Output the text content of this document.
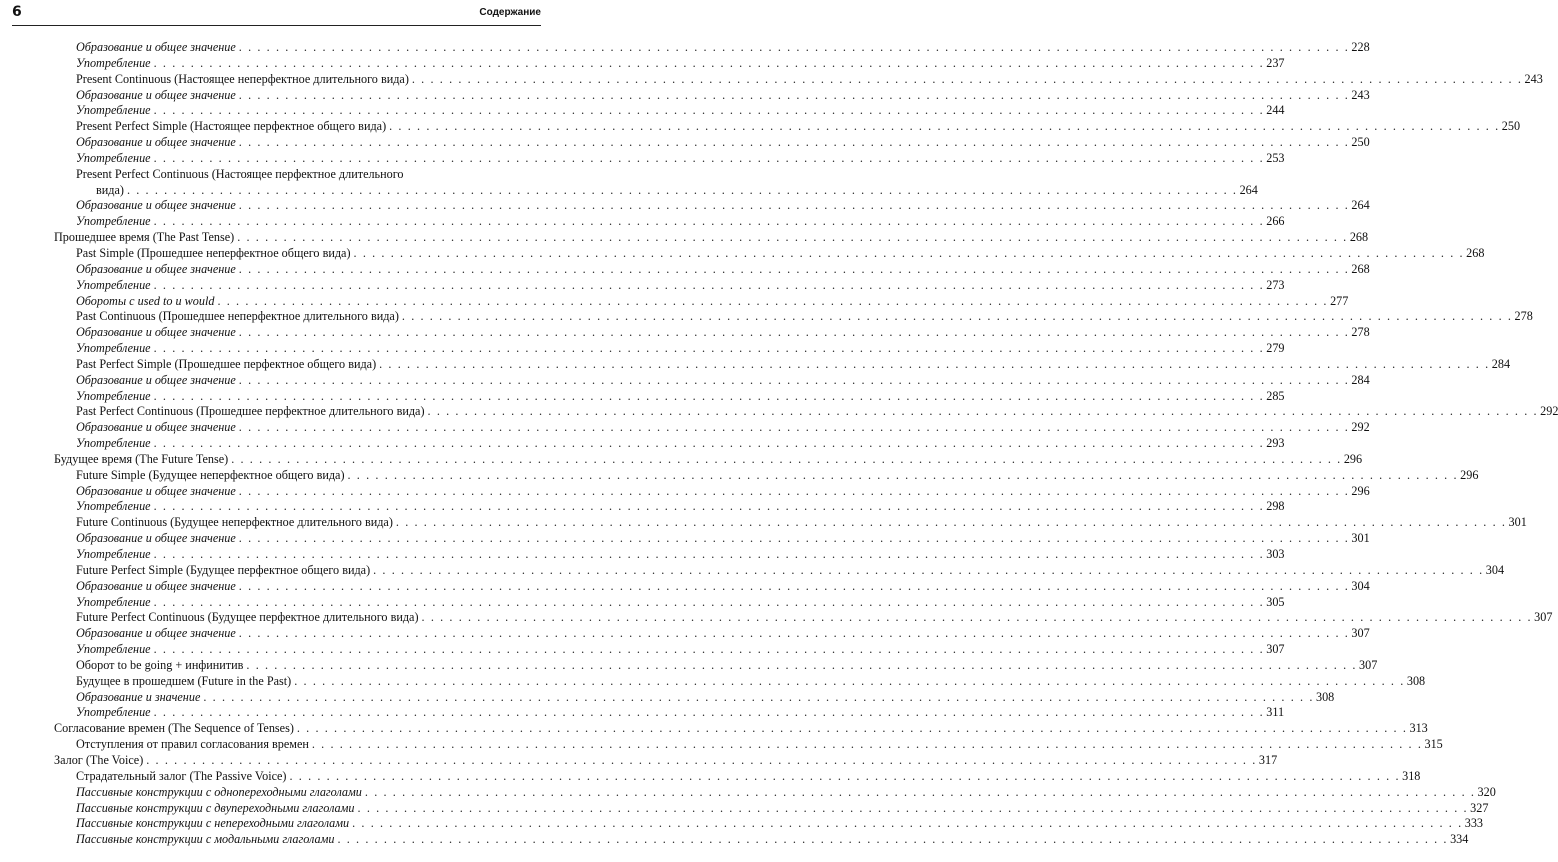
6	Содержание
Образование и общее значение . . . . . . . . . . . . . . . . . . . . . . . . . . . . . . . . . . . . . . . . . . . . . . . . . . . . . . . . . . . . . . . . . . . . . . . . . . . . . . . . . . . . . . . . . . . . . . . . . . . . . . . . . . . . . . . . . . . . . . . . 228
Употребление . . . . . . . . . . . . . . . . . . . . . . . . . . . . . . . . . . . . . . . . . . . . . . . . . . . . . . . . . . . . . . . . . . . . . . . . . . . . . . . . . . . . . . . . . . . . . . . . . . . . . . . . . . . . . . . . . . . . . . . . 237
Present Continuous (Настоящее неперфектное длительного вида) . . . . . . . . . . . . . . . . . . . . . . . . . . . . . . . . . . . . . . . . . . . . . . . . . . . . . . . . . . . . . . . . . . . . . . . . . . . . . . . . . . . . . . . . . . . . . . . . . . . . . . . . . . . . . . . . . . . . . . . . 243
Образование и общее значение . . . . . . . . . . . . . . . . . . . . . . . . . . . . . . . . . . . . . . . . . . . . . . . . . . . . . . . . . . . . . . . . . . . . . . . . . . . . . . . . . . . . . . . . . . . . . . . . . . . . . . . . . . . . . . . . . . . . . . . . 243
Употребление . . . . . . . . . . . . . . . . . . . . . . . . . . . . . . . . . . . . . . . . . . . . . . . . . . . . . . . . . . . . . . . . . . . . . . . . . . . . . . . . . . . . . . . . . . . . . . . . . . . . . . . . . . . . . . . . . . . . . . . . 244
Present Perfect Simple (Настоящее перфектное общего вида) . . . . . . . . . . . . . . . . . . . . . . . . . . . . . . . . . . . . . . . . . . . . . . . . . . . . . . . . . . . . . . . . . . . . . . . . . . . . . . . . . . . . . . . . . . . . . . . . . . . . . . . . . . . . . . . . . . . . . . . . 250
Образование и общее значение . . . . . . . . . . . . . . . . . . . . . . . . . . . . . . . . . . . . . . . . . . . . . . . . . . . . . . . . . . . . . . . . . . . . . . . . . . . . . . . . . . . . . . . . . . . . . . . . . . . . . . . . . . . . . . . . . . . . . . . . 250
Употребление . . . . . . . . . . . . . . . . . . . . . . . . . . . . . . . . . . . . . . . . . . . . . . . . . . . . . . . . . . . . . . . . . . . . . . . . . . . . . . . . . . . . . . . . . . . . . . . . . . . . . . . . . . . . . . . . . . . . . . . . 253
Present Perfect Continuous (Настоящее перфектное длительного
вида) . . . . . . . . . . . . . . . . . . . . . . . . . . . . . . . . . . . . . . . . . . . . . . . . . . . . . . . . . . . . . . . . . . . . . . . . . . . . . . . . . . . . . . . . . . . . . . . . . . . . . . . . . . . . . . . . . . . . . . . . 264
Образование и общее значение . . . . . . . . . . . . . . . . . . . . . . . . . . . . . . . . . . . . . . . . . . . . . . . . . . . . . . . . . . . . . . . . . . . . . . . . . . . . . . . . . . . . . . . . . . . . . . . . . . . . . . . . . . . . . . . . . . . . . . . . 264
Употребление . . . . . . . . . . . . . . . . . . . . . . . . . . . . . . . . . . . . . . . . . . . . . . . . . . . . . . . . . . . . . . . . . . . . . . . . . . . . . . . . . . . . . . . . . . . . . . . . . . . . . . . . . . . . . . . . . . . . . . . . 266
Прошедшее время (The Past Tense) . . . . . . . . . . . . . . . . . . . . . . . . . . . . . . . . . . . . . . . . . . . . . . . . . . . . . . . . . . . . . . . . . . . . . . . . . . . . . . . . . . . . . . . . . . . . . . . . . . . . . . . . . . . . . . . . . . . . . . . . 268
Past Simple (Прошедшее неперфектное общего вида) . . . . . . . . . . . . . . . . . . . . . . . . . . . . . . . . . . . . . . . . . . . . . . . . . . . . . . . . . . . . . . . . . . . . . . . . . . . . . . . . . . . . . . . . . . . . . . . . . . . . . . . . . . . . . . . . . . . . . . . . 268
Образование и общее значение . . . . . . . . . . . . . . . . . . . . . . . . . . . . . . . . . . . . . . . . . . . . . . . . . . . . . . . . . . . . . . . . . . . . . . . . . . . . . . . . . . . . . . . . . . . . . . . . . . . . . . . . . . . . . . . . . . . . . . . . 268
Употребление . . . . . . . . . . . . . . . . . . . . . . . . . . . . . . . . . . . . . . . . . . . . . . . . . . . . . . . . . . . . . . . . . . . . . . . . . . . . . . . . . . . . . . . . . . . . . . . . . . . . . . . . . . . . . . . . . . . . . . . . 273
Обороты с used to и would . . . . . . . . . . . . . . . . . . . . . . . . . . . . . . . . . . . . . . . . . . . . . . . . . . . . . . . . . . . . . . . . . . . . . . . . . . . . . . . . . . . . . . . . . . . . . . . . . . . . . . . . . . . . . . . . . . . . . . . . 277
Past Continuous (Прошедшее неперфектное длительного вида) . . . . . . . . . . . . . . . . . . . . . . . . . . . . . . . . . . . . . . . . . . . . . . . . . . . . . . . . . . . . . . . . . . . . . . . . . . . . . . . . . . . . . . . . . . . . . . . . . . . . . . . . . . . . . . . . . . . . . . . . 278
Образование и общее значение . . . . . . . . . . . . . . . . . . . . . . . . . . . . . . . . . . . . . . . . . . . . . . . . . . . . . . . . . . . . . . . . . . . . . . . . . . . . . . . . . . . . . . . . . . . . . . . . . . . . . . . . . . . . . . . . . . . . . . . . 278
Употребление . . . . . . . . . . . . . . . . . . . . . . . . . . . . . . . . . . . . . . . . . . . . . . . . . . . . . . . . . . . . . . . . . . . . . . . . . . . . . . . . . . . . . . . . . . . . . . . . . . . . . . . . . . . . . . . . . . . . . . . . 279
Past Perfect Simple (Прошедшее перфектное общего вида) . . . . . . . . . . . . . . . . . . . . . . . . . . . . . . . . . . . . . . . . . . . . . . . . . . . . . . . . . . . . . . . . . . . . . . . . . . . . . . . . . . . . . . . . . . . . . . . . . . . . . . . . . . . . . . . . . . . . . . . . 284
Образование и общее значение . . . . . . . . . . . . . . . . . . . . . . . . . . . . . . . . . . . . . . . . . . . . . . . . . . . . . . . . . . . . . . . . . . . . . . . . . . . . . . . . . . . . . . . . . . . . . . . . . . . . . . . . . . . . . . . . . . . . . . . . 284
Употребление . . . . . . . . . . . . . . . . . . . . . . . . . . . . . . . . . . . . . . . . . . . . . . . . . . . . . . . . . . . . . . . . . . . . . . . . . . . . . . . . . . . . . . . . . . . . . . . . . . . . . . . . . . . . . . . . . . . . . . . . 285
Past Perfect Continuous (Прошедшее перфектное длительного вида) . . . . . . . . . . . . . . . . . . . . . . . . . . . . . . . . . . . . . . . . . . . . . . . . . . . . . . . . . . . . . . . . . . . . . . . . . . . . . . . . . . . . . . . . . . . . . . . . . . . . . . . . . . . . . . . . . . . . . . . . 292
Образование и общее значение . . . . . . . . . . . . . . . . . . . . . . . . . . . . . . . . . . . . . . . . . . . . . . . . . . . . . . . . . . . . . . . . . . . . . . . . . . . . . . . . . . . . . . . . . . . . . . . . . . . . . . . . . . . . . . . . . . . . . . . . 292
Употребление . . . . . . . . . . . . . . . . . . . . . . . . . . . . . . . . . . . . . . . . . . . . . . . . . . . . . . . . . . . . . . . . . . . . . . . . . . . . . . . . . . . . . . . . . . . . . . . . . . . . . . . . . . . . . . . . . . . . . . . . 293
Будущее время (The Future Tense) . . . . . . . . . . . . . . . . . . . . . . . . . . . . . . . . . . . . . . . . . . . . . . . . . . . . . . . . . . . . . . . . . . . . . . . . . . . . . . . . . . . . . . . . . . . . . . . . . . . . . . . . . . . . . . . . . . . . . . . . 296
Future Simple (Будущее неперфектное общего вида) . . . . . . . . . . . . . . . . . . . . . . . . . . . . . . . . . . . . . . . . . . . . . . . . . . . . . . . . . . . . . . . . . . . . . . . . . . . . . . . . . . . . . . . . . . . . . . . . . . . . . . . . . . . . . . . . . . . . . . . . 296
Образование и общее значение . . . . . . . . . . . . . . . . . . . . . . . . . . . . . . . . . . . . . . . . . . . . . . . . . . . . . . . . . . . . . . . . . . . . . . . . . . . . . . . . . . . . . . . . . . . . . . . . . . . . . . . . . . . . . . . . . . . . . . . . 296
Употребление . . . . . . . . . . . . . . . . . . . . . . . . . . . . . . . . . . . . . . . . . . . . . . . . . . . . . . . . . . . . . . . . . . . . . . . . . . . . . . . . . . . . . . . . . . . . . . . . . . . . . . . . . . . . . . . . . . . . . . . . 298
Future Continuous (Будущее неперфектное длительного вида) . . . . . . . . . . . . . . . . . . . . . . . . . . . . . . . . . . . . . . . . . . . . . . . . . . . . . . . . . . . . . . . . . . . . . . . . . . . . . . . . . . . . . . . . . . . . . . . . . . . . . . . . . . . . . . . . . . . . . . . . 301
Образование и общее значение . . . . . . . . . . . . . . . . . . . . . . . . . . . . . . . . . . . . . . . . . . . . . . . . . . . . . . . . . . . . . . . . . . . . . . . . . . . . . . . . . . . . . . . . . . . . . . . . . . . . . . . . . . . . . . . . . . . . . . . . 301
Употребление . . . . . . . . . . . . . . . . . . . . . . . . . . . . . . . . . . . . . . . . . . . . . . . . . . . . . . . . . . . . . . . . . . . . . . . . . . . . . . . . . . . . . . . . . . . . . . . . . . . . . . . . . . . . . . . . . . . . . . . . 303
Future Perfect Simple (Будущее перфектное общего вида) . . . . . . . . . . . . . . . . . . . . . . . . . . . . . . . . . . . . . . . . . . . . . . . . . . . . . . . . . . . . . . . . . . . . . . . . . . . . . . . . . . . . . . . . . . . . . . . . . . . . . . . . . . . . . . . . . . . . . . . . 304
Образование и общее значение . . . . . . . . . . . . . . . . . . . . . . . . . . . . . . . . . . . . . . . . . . . . . . . . . . . . . . . . . . . . . . . . . . . . . . . . . . . . . . . . . . . . . . . . . . . . . . . . . . . . . . . . . . . . . . . . . . . . . . . . 304
Употребление . . . . . . . . . . . . . . . . . . . . . . . . . . . . . . . . . . . . . . . . . . . . . . . . . . . . . . . . . . . . . . . . . . . . . . . . . . . . . . . . . . . . . . . . . . . . . . . . . . . . . . . . . . . . . . . . . . . . . . . . 305
Future Perfect Continuous (Будущее перфектное длительного вида) . . . . . . . . . . . . . . . . . . . . . . . . . . . . . . . . . . . . . . . . . . . . . . . . . . . . . . . . . . . . . . . . . . . . . . . . . . . . . . . . . . . . . . . . . . . . . . . . . . . . . . . . . . . . . . . . . . . . . . . . 307
Образование и общее значение . . . . . . . . . . . . . . . . . . . . . . . . . . . . . . . . . . . . . . . . . . . . . . . . . . . . . . . . . . . . . . . . . . . . . . . . . . . . . . . . . . . . . . . . . . . . . . . . . . . . . . . . . . . . . . . . . . . . . . . . 307
Употребление . . . . . . . . . . . . . . . . . . . . . . . . . . . . . . . . . . . . . . . . . . . . . . . . . . . . . . . . . . . . . . . . . . . . . . . . . . . . . . . . . . . . . . . . . . . . . . . . . . . . . . . . . . . . . . . . . . . . . . . . 307
Оборот to be going + инфинитив . . . . . . . . . . . . . . . . . . . . . . . . . . . . . . . . . . . . . . . . . . . . . . . . . . . . . . . . . . . . . . . . . . . . . . . . . . . . . . . . . . . . . . . . . . . . . . . . . . . . . . . . . . . . . . . . . . . . . . . . 307
Будущее в прошедшем (Future in the Past) . . . . . . . . . . . . . . . . . . . . . . . . . . . . . . . . . . . . . . . . . . . . . . . . . . . . . . . . . . . . . . . . . . . . . . . . . . . . . . . . . . . . . . . . . . . . . . . . . . . . . . . . . . . . . . . . . . . . . . . . 308
Образование и значение . . . . . . . . . . . . . . . . . . . . . . . . . . . . . . . . . . . . . . . . . . . . . . . . . . . . . . . . . . . . . . . . . . . . . . . . . . . . . . . . . . . . . . . . . . . . . . . . . . . . . . . . . . . . . . . . . . . . . . . . 308
Употребление . . . . . . . . . . . . . . . . . . . . . . . . . . . . . . . . . . . . . . . . . . . . . . . . . . . . . . . . . . . . . . . . . . . . . . . . . . . . . . . . . . . . . . . . . . . . . . . . . . . . . . . . . . . . . . . . . . . . . . . . 311
Согласование времен (The Sequence of Tenses) . . . . . . . . . . . . . . . . . . . . . . . . . . . . . . . . . . . . . . . . . . . . . . . . . . . . . . . . . . . . . . . . . . . . . . . . . . . . . . . . . . . . . . . . . . . . . . . . . . . . . . . . . . . . . . . . . . . . . . . . 313
Отступления от правил согласования времен . . . . . . . . . . . . . . . . . . . . . . . . . . . . . . . . . . . . . . . . . . . . . . . . . . . . . . . . . . . . . . . . . . . . . . . . . . . . . . . . . . . . . . . . . . . . . . . . . . . . . . . . . . . . . . . . . . . . . . . . 315
Залог (The Voice) . . . . . . . . . . . . . . . . . . . . . . . . . . . . . . . . . . . . . . . . . . . . . . . . . . . . . . . . . . . . . . . . . . . . . . . . . . . . . . . . . . . . . . . . . . . . . . . . . . . . . . . . . . . . . . . . . . . . . . . . 317
Страдательный залог (The Passive Voice) . . . . . . . . . . . . . . . . . . . . . . . . . . . . . . . . . . . . . . . . . . . . . . . . . . . . . . . . . . . . . . . . . . . . . . . . . . . . . . . . . . . . . . . . . . . . . . . . . . . . . . . . . . . . . . . . . . . . . . . . 318
Пассивные конструкции с однопереходными глаголами . . . . . . . . . . . . . . . . . . . . . . . . . . . . . . . . . . . . . . . . . . . . . . . . . . . . . . . . . . . . . . . . . . . . . . . . . . . . . . . . . . . . . . . . . . . . . . . . . . . . . . . . . . . . . . . . . . . . . . . . 320
Пассивные конструкции с двупереходными глаголами . . . . . . . . . . . . . . . . . . . . . . . . . . . . . . . . . . . . . . . . . . . . . . . . . . . . . . . . . . . . . . . . . . . . . . . . . . . . . . . . . . . . . . . . . . . . . . . . . . . . . . . . . . . . . . . . . . . . . . . . 327
Пассивные конструкции с непереходными глаголами . . . . . . . . . . . . . . . . . . . . . . . . . . . . . . . . . . . . . . . . . . . . . . . . . . . . . . . . . . . . . . . . . . . . . . . . . . . . . . . . . . . . . . . . . . . . . . . . . . . . . . . . . . . . . . . . . . . . . . . . 333
Пассивные конструкции с модальными глаголами . . . . . . . . . . . . . . . . . . . . . . . . . . . . . . . . . . . . . . . . . . . . . . . . . . . . . . . . . . . . . . . . . . . . . . . . . . . . . . . . . . . . . . . . . . . . . . . . . . . . . . . . . . . . . . . . . . . . . . . . 334
